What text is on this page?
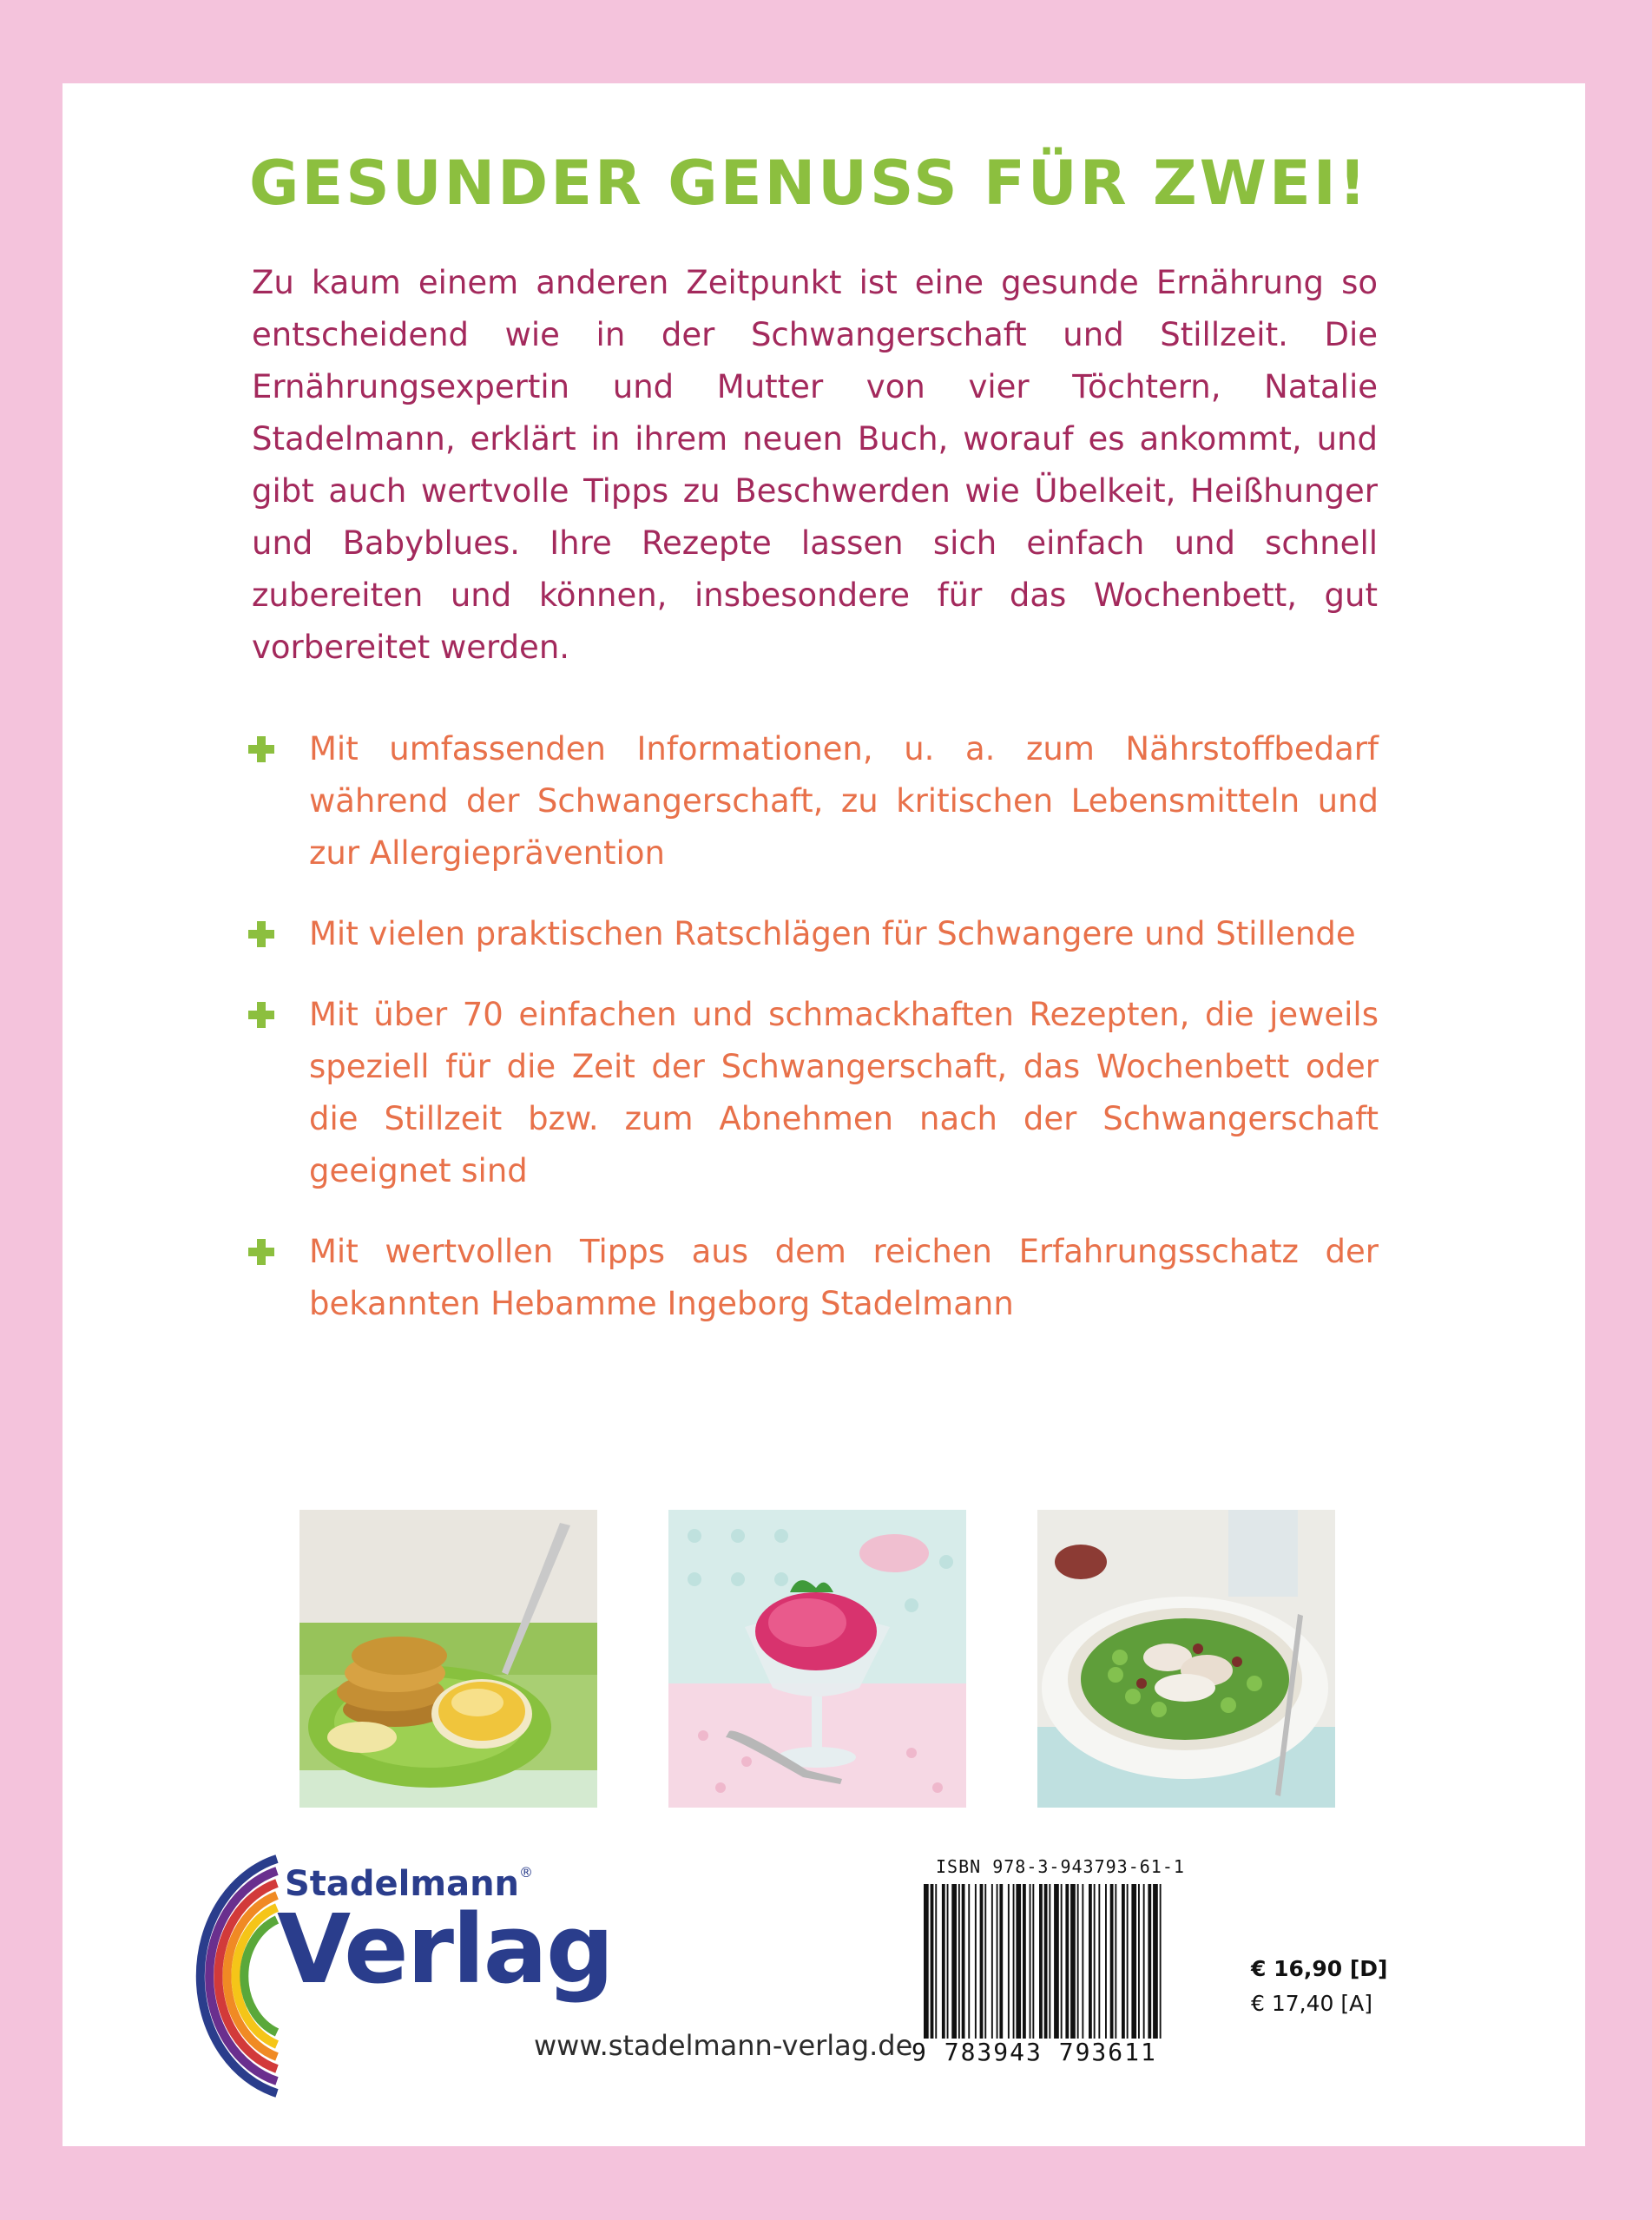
GESUNDER GENUSS FÜR ZWEI!

Zu kaum einem anderen Zeitpunkt ist eine gesunde Ernährung so entscheidend wie in der Schwangerschaft und Stillzeit. Die Ernährungsexpertin und Mutter von vier Töchtern, Natalie Stadelmann, erklärt in ihrem neuen Buch, worauf es ankommt, und gibt auch wertvolle Tipps zu Beschwerden wie Übelkeit, Heißhunger und Babyblues. Ihre Rezepte lassen sich einfach und schnell zubereiten und können, insbesondere für das Wochenbett, gut vorbereitet werden.

Mit umfassenden Informationen, u. a. zum Nährstoffbedarf während der Schwangerschaft, zu kritischen Lebensmitteln und zur Allergieprävention
Mit vielen praktischen Ratschlägen für Schwangere und Stillende
Mit über 70 einfachen und schmackhaften Rezepten, die jeweils speziell für die Zeit der Schwangerschaft, das Wochenbett oder die Stillzeit bzw. zum Abnehmen nach der Schwangerschaft geeignet sind
Mit wertvollen Tipps aus dem reichen Erfahrungsschatz der bekannten Hebamme Ingeborg Stadelmann
Stadelmann®
Verlag
www.stadelmann-verlag.de
ISBN 978-3-943793-61-1
9 783943 793611
€ 16,90 [D]
€ 17,40 [A]
